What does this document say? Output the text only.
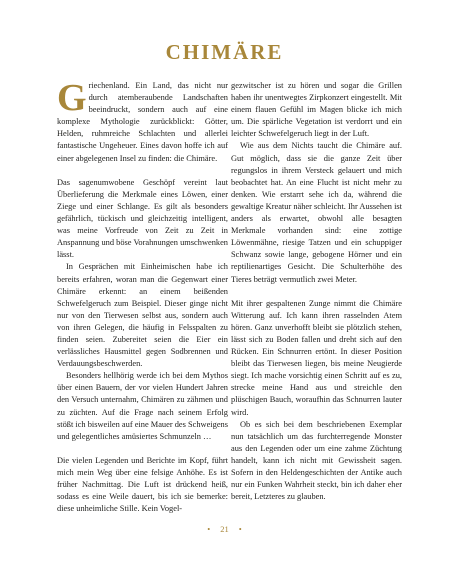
CHIMÄRE

Griechenland. Ein Land, das nicht nur durch atemberaubende Landschaften beeindruckt, sondern auch auf eine komplexe Mythologie zurückblickt: Götter, Helden, ruhmreiche Schlachten und allerlei fantastische Ungeheuer. Eines davon hoffe ich auf einer abgelegenen Insel zu finden: die Chimäre.

Das sagenumwobene Geschöpf vereint laut Überlieferung die Merkmale eines Löwen, einer Ziege und einer Schlange. Es gilt als besonders gefährlich, tückisch und gleichzeitig intelligent, was meine Vorfreude von Zeit zu Zeit in Anspannung und böse Vorahnungen umschwenken lässt.

In Gesprächen mit Einheimischen habe ich bereits erfahren, woran man die Gegenwart einer Chimäre erkennt: an einem beißenden Schwefelgeruch zum Beispiel. Dieser ginge nicht nur von den Tierwesen selbst aus, sondern auch von ihren Gelegen, die häufig in Felsspalten zu finden seien. Zubereitet seien die Eier ein verlässliches Hausmittel gegen Sodbrennen und Verdauungsbeschwerden.

Besonders hellhörig werde ich bei dem Mythos über einen Bauern, der vor vielen Hundert Jahren den Versuch unternahm, Chimären zu zähmen und zu züchten. Auf die Frage nach seinem Erfolg stößt ich bisweilen auf eine Mauer des Schweigens und gelegentliches amüsiertes Schmunzeln …

Die vielen Legenden und Berichte im Kopf, führt mich mein Weg über eine felsige Anhöhe. Es ist früher Nachmittag. Die Luft ist drückend heiß, sodass es eine Weile dauert, bis ich sie bemerke: diese unheimliche Stille. Kein Vogel-

gezwitscher ist zu hören und sogar die Grillen haben ihr unentwegtes Zirpkonzert eingestellt. Mit einem flauen Gefühl im Magen blicke ich mich um. Die spärliche Vegetation ist verdorrt und ein leichter Schwefelgeruch liegt in der Luft.

Wie aus dem Nichts taucht die Chimäre auf. Gut möglich, dass sie die ganze Zeit über regungslos in ihrem Versteck gelauert und mich beobachtet hat. An eine Flucht ist nicht mehr zu denken. Wie erstarrt sehe ich da, während die gewaltige Kreatur näher schleicht. Ihr Aussehen ist anders als erwartet, obwohl alle besagten Merkmale vorhanden sind: eine zottige Löwenmähne, riesige Tatzen und ein schuppiger Schwanz sowie lange, gebogene Hörner und ein reptilienartiges Gesicht. Die Schulterhöhe des Tieres beträgt vermutlich zwei Meter.

Mit ihrer gespaltenen Zunge nimmt die Chimäre Witterung auf. Ich kann ihren rasselnden Atem hören. Ganz unverhofft bleibt sie plötzlich stehen, lässt sich zu Boden fallen und dreht sich auf den Rücken. Ein Schnurren ertönt. In dieser Position bleibt das Tierwesen liegen, bis meine Neugierde siegt. Ich mache vorsichtig einen Schritt auf es zu, strecke meine Hand aus und streichle den plüschigen Bauch, woraufhin das Schnurren lauter wird.

Ob es sich bei dem beschriebenen Exemplar nun tatsächlich um das furchterregende Monster aus den Legenden oder um eine zahme Züchtung handelt, kann ich nicht mit Gewissheit sagen. Sofern in den Heldengeschichten der Antike auch nur ein Funken Wahrheit steckt, bin ich daher eher bereit, Letzteres zu glauben.

• 21 •
